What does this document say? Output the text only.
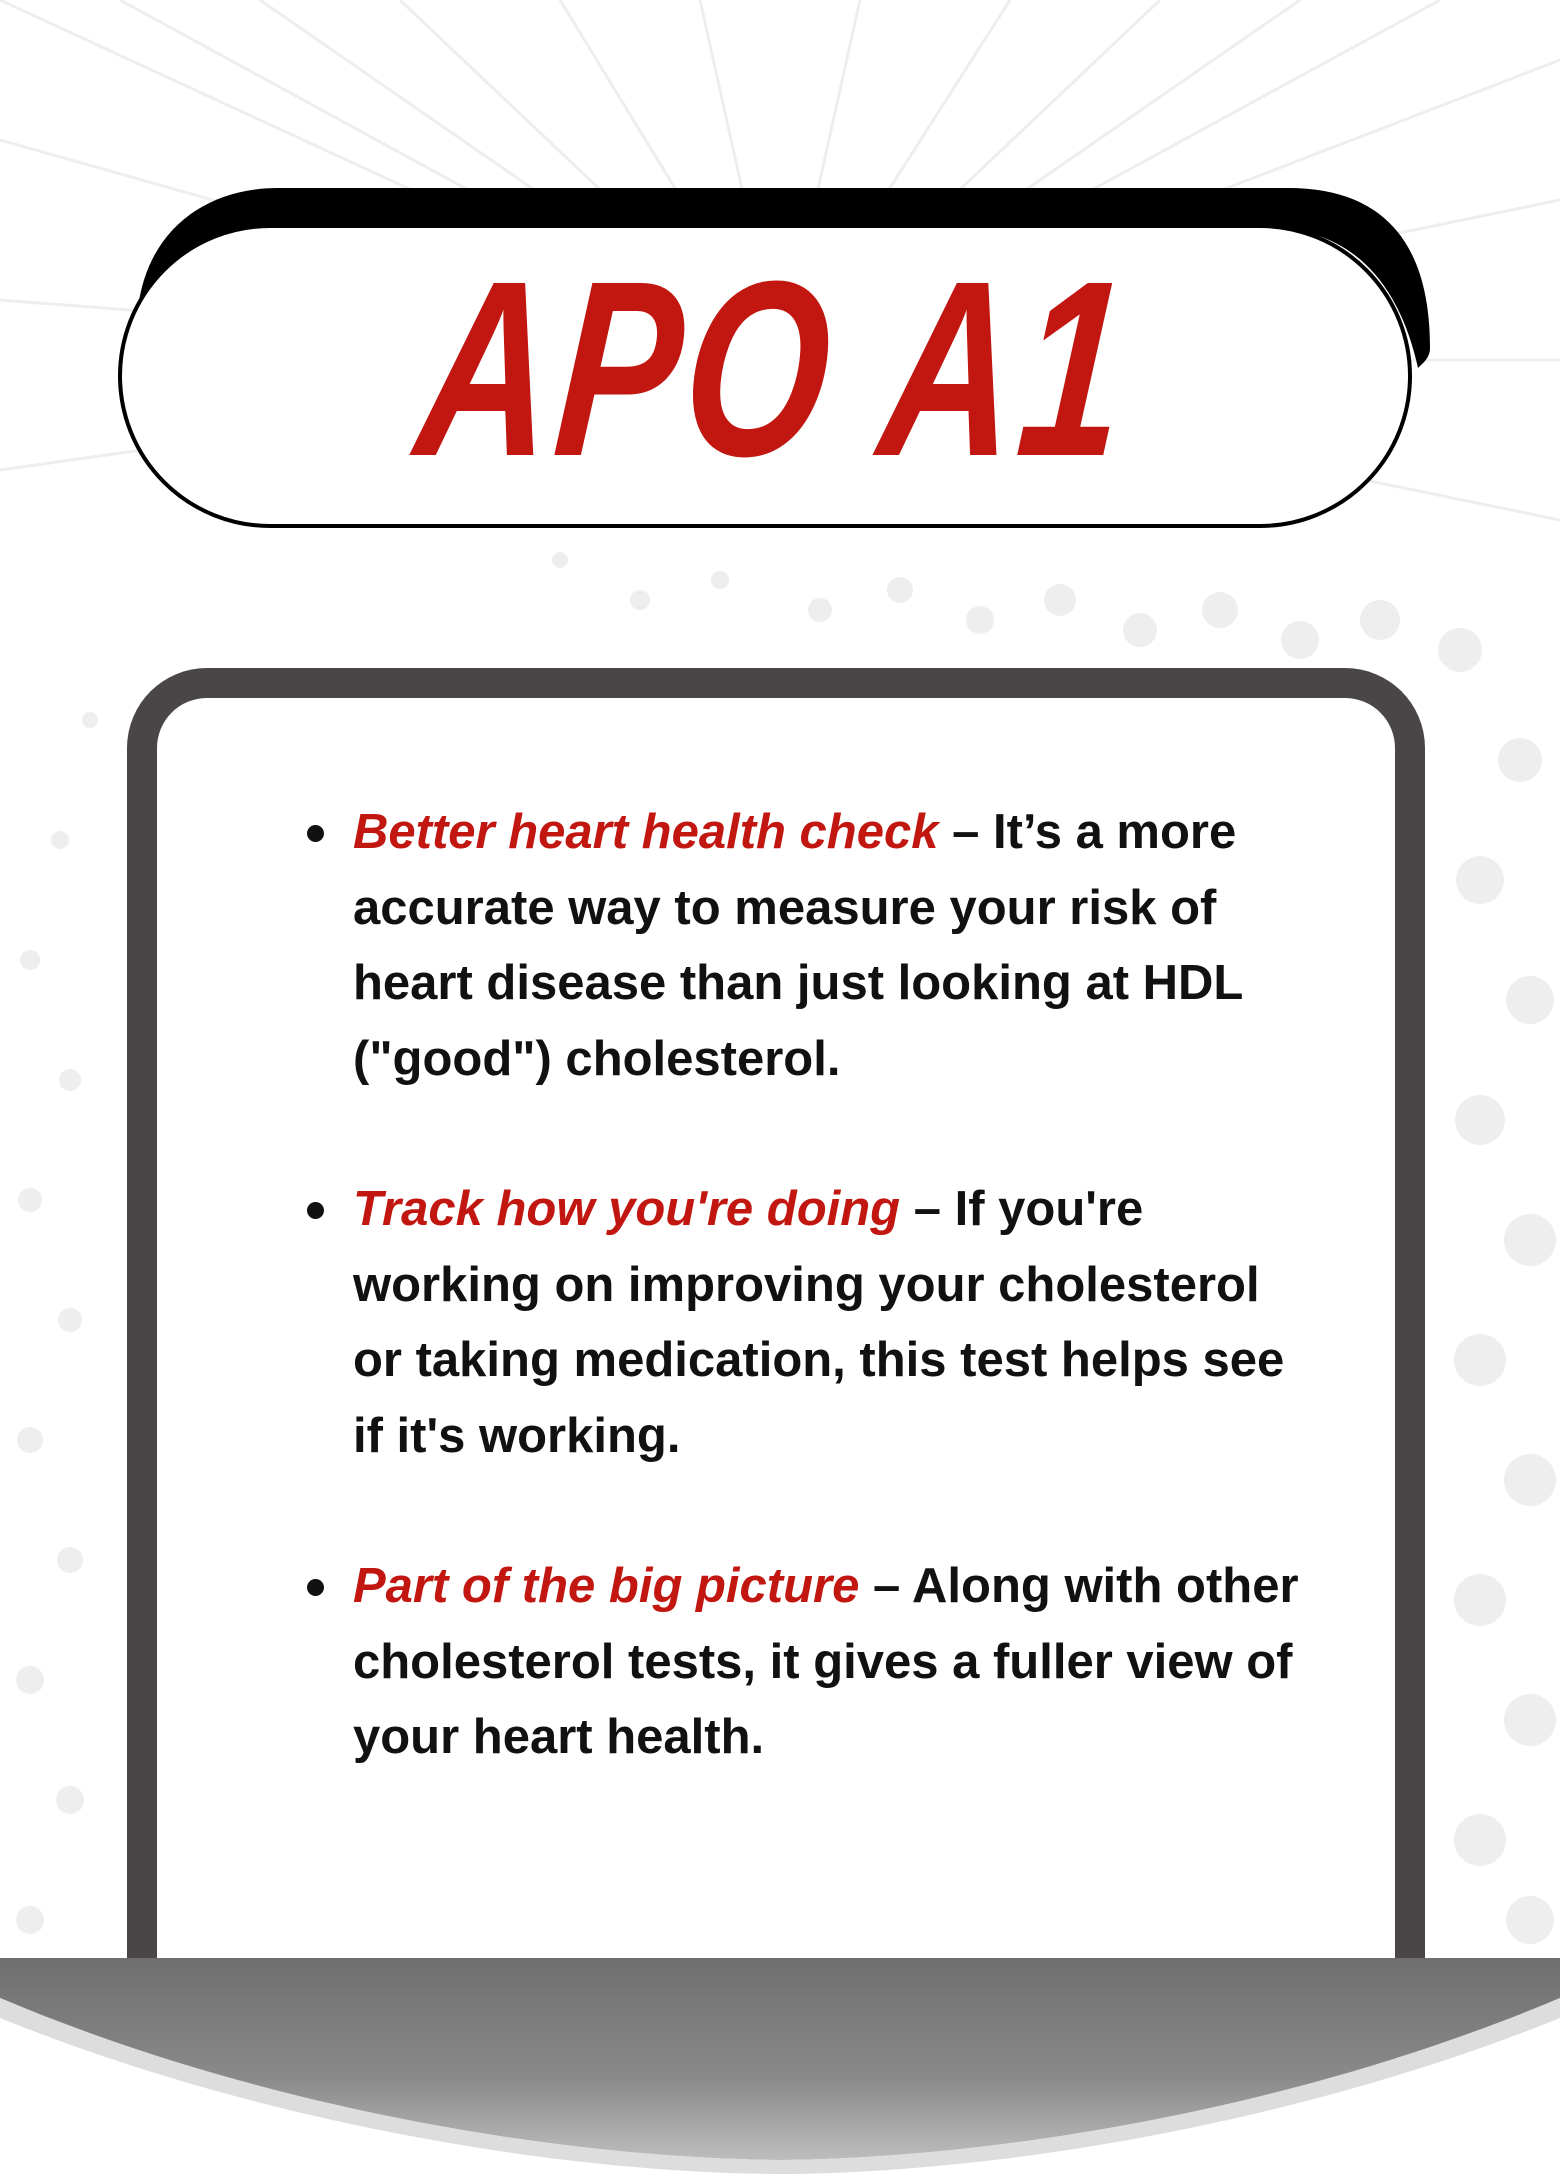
APO A1
Better heart health check – It’s a more accurate way to measure your risk of heart disease than just looking at HDL ("good") cholesterol.
Track how you're doing – If you're working on improving your cholesterol or taking medication, this test helps see if it's working.
Part of the big picture – Along with other cholesterol tests, it gives a fuller view of your heart health.
